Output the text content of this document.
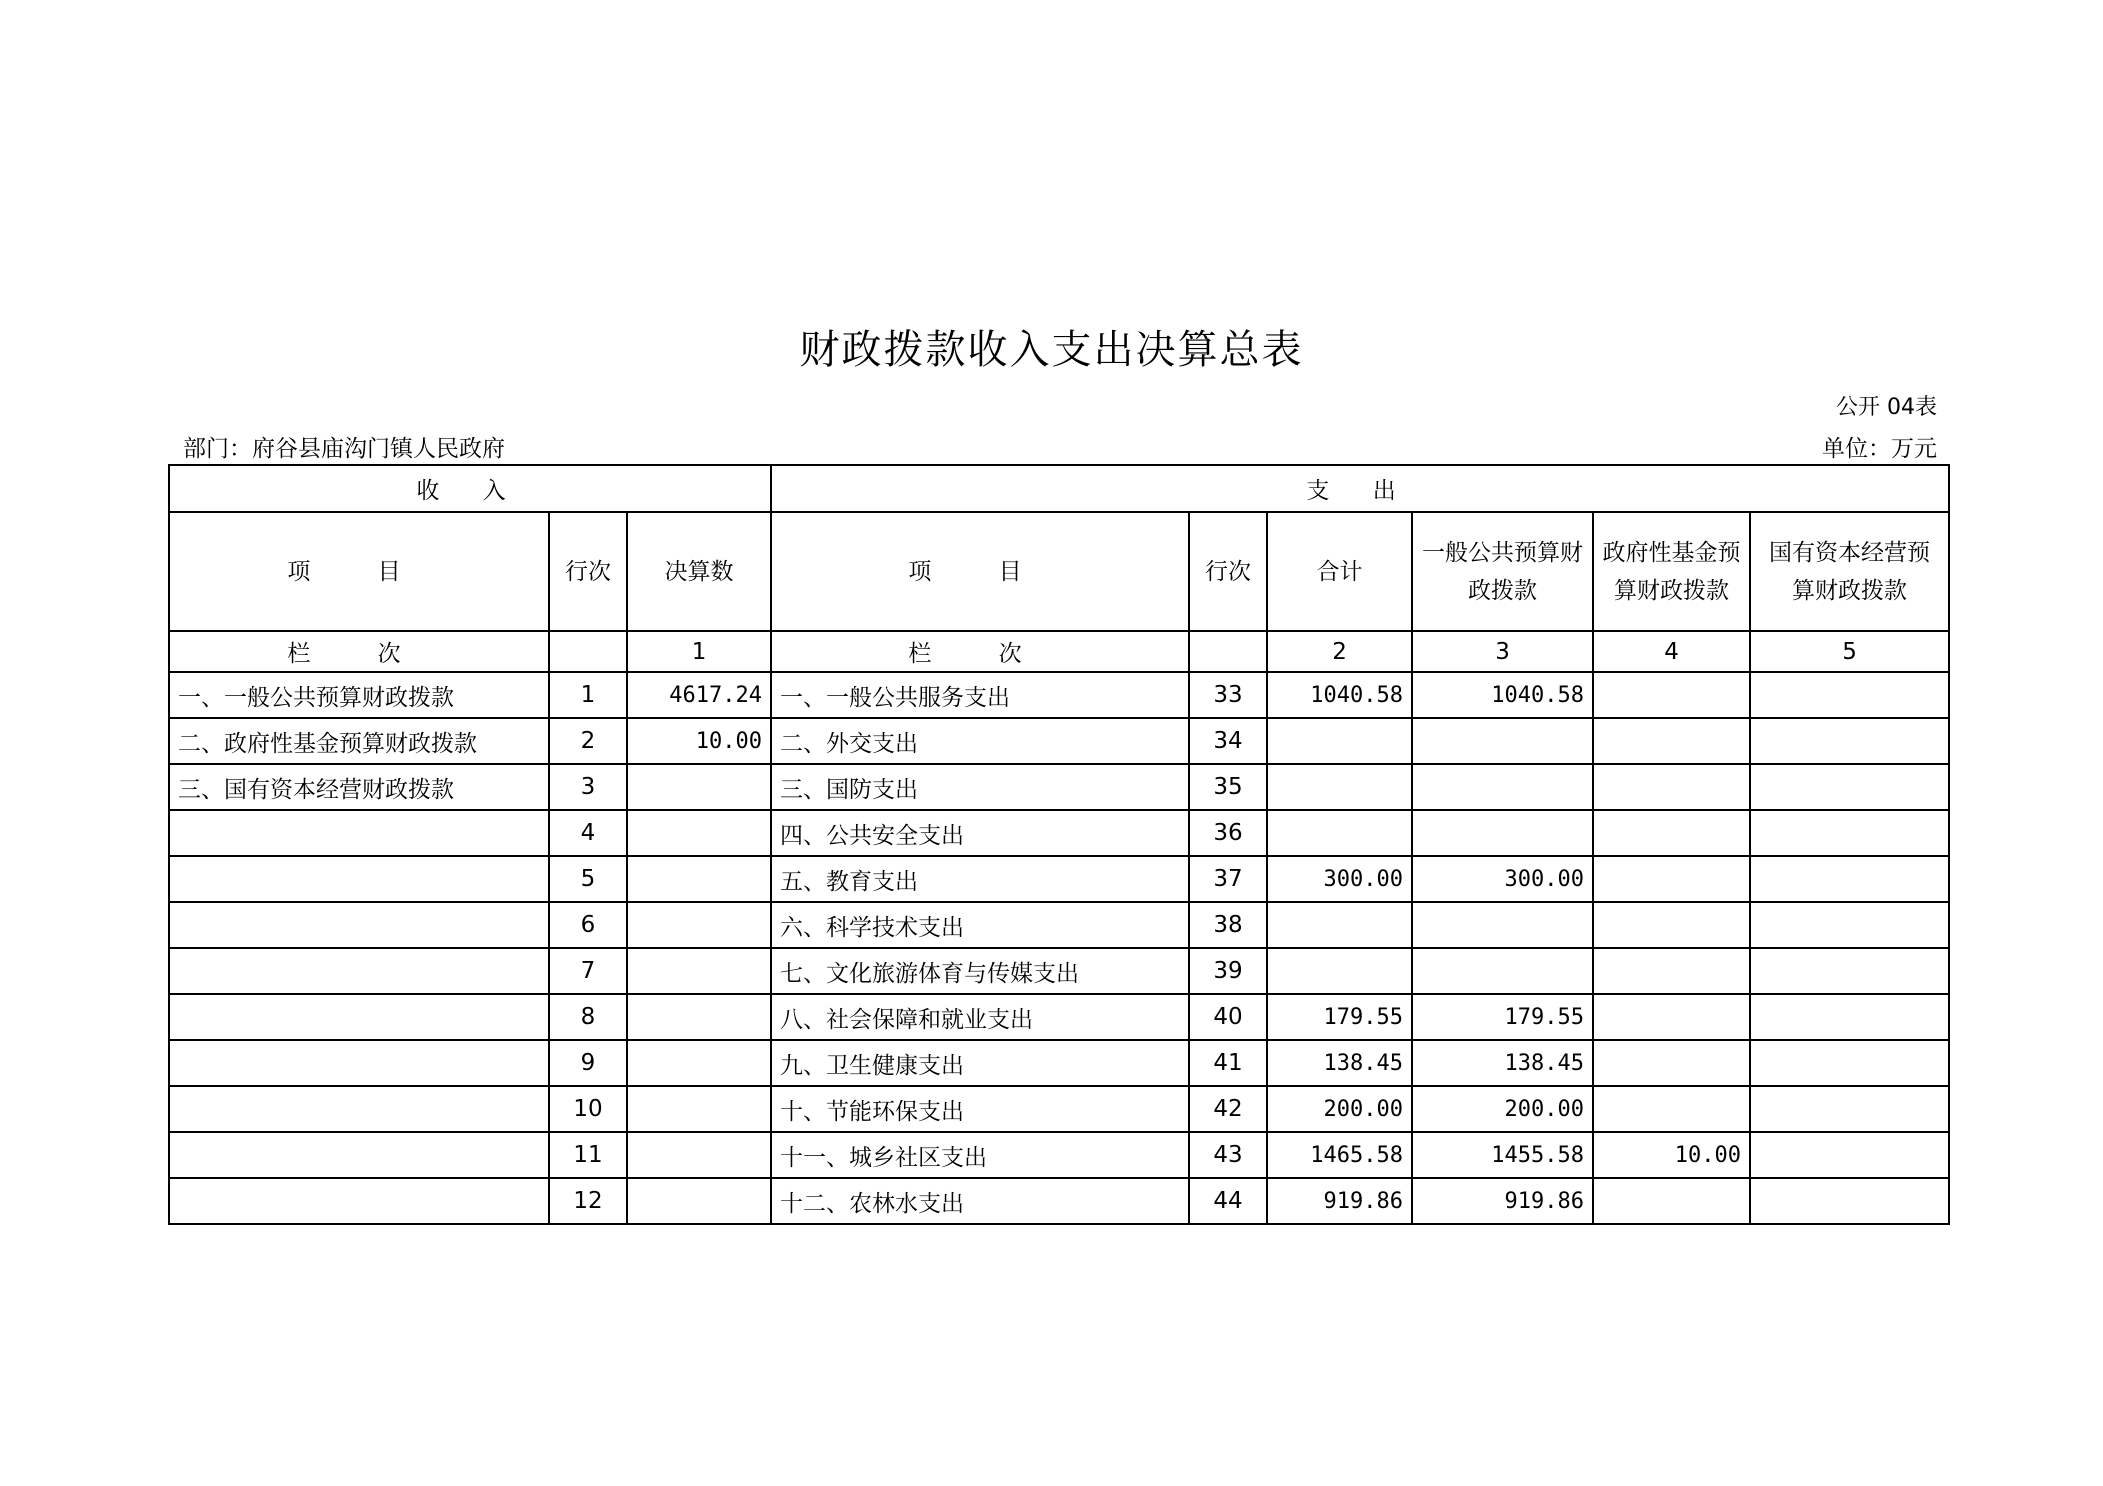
财政拨款收入支出决算总表
公开 04表
部门：府谷县庙沟门镇人民政府	单位：万元
收 入			支 出					
项 目	行次	决算数	项 目	行次	合计	一般公共预算财政拨款	政府性基金预算财政拨款	国有资本经营预算财政拨款
栏 次		1	栏 次		2	3	4	5
一、一般公共预算财政拨款	1	4617.24	一、一般公共服务支出	33	1040.58	1040.58		
二、政府性基金预算财政拨款	2	10.00	二、外交支出	34				
三、国有资本经营财政拨款	3		三、国防支出	35				
	4		四、公共安全支出	36				
	5		五、教育支出	37	300.00	300.00		
	6		六、科学技术支出	38				
	7		七、文化旅游体育与传媒支出	39				
	8		八、社会保障和就业支出	40	179.55	179.55		
	9		九、卫生健康支出	41	138.45	138.45		
	10		十、节能环保支出	42	200.00	200.00		
	11		十一、城乡社区支出	43	1465.58	1455.58	10.00	
	12		十二、农林水支出	44	919.86	919.86		
